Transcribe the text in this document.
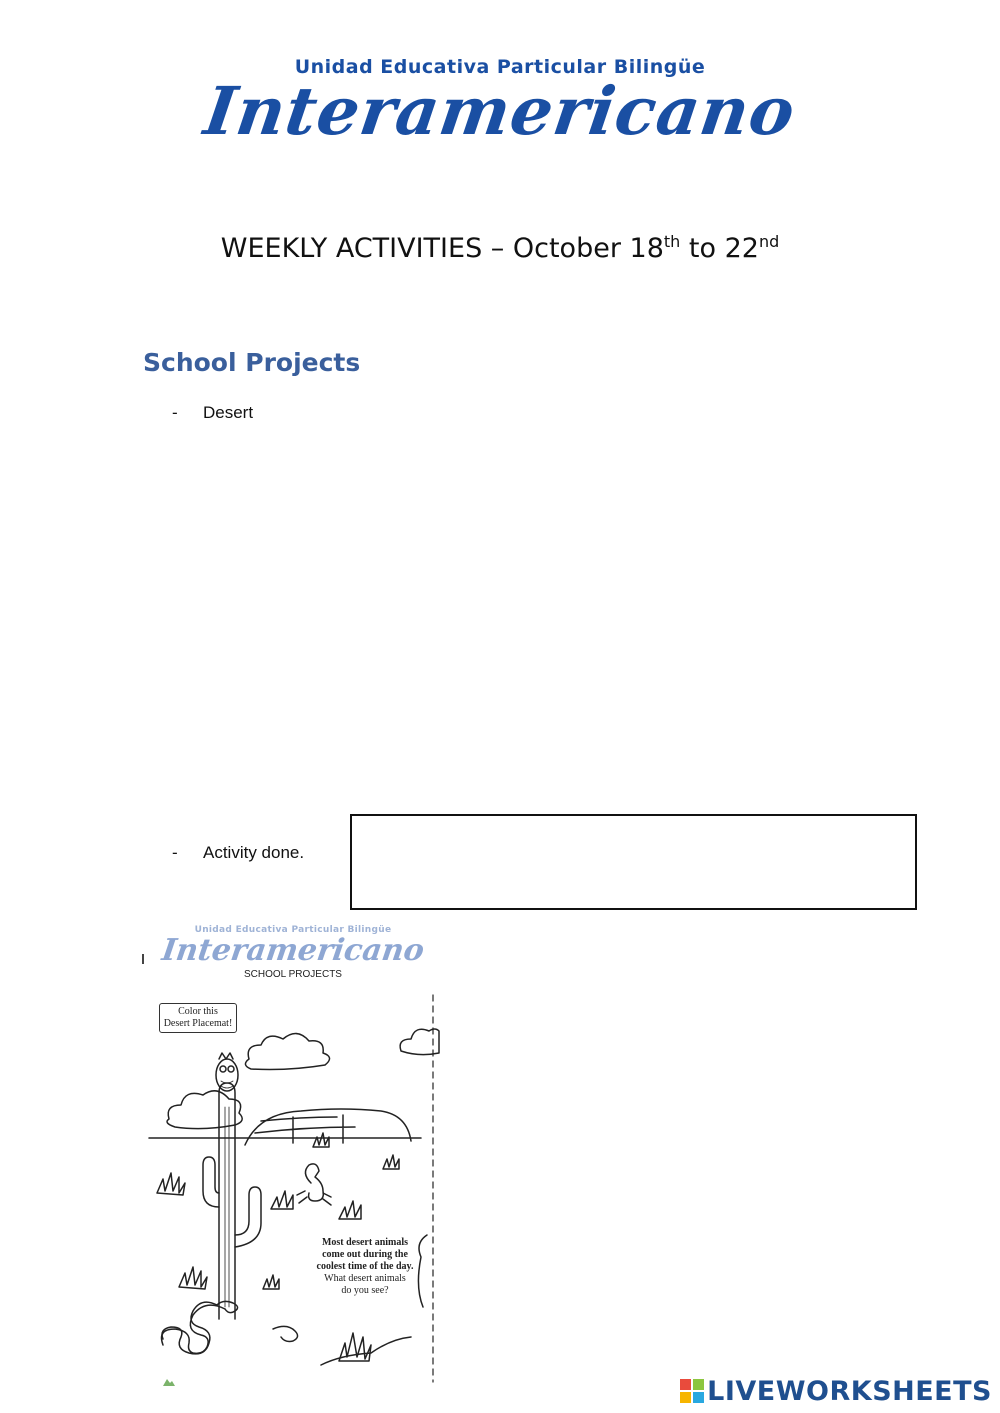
Unidad Educativa Particular Bilingüe
Interamericano
WEEKLY ACTIVITIES – October 18th to 22nd
School Projects
- Desert
- Activity done.
Unidad Educativa Particular Bilingüe
Interamericano
SCHOOL PROJECTS
Color this
Desert Placemat!
Most desert animals
come out during the
coolest time of the day.
What desert animals
do you see?
LIVEWORKSHEETS
